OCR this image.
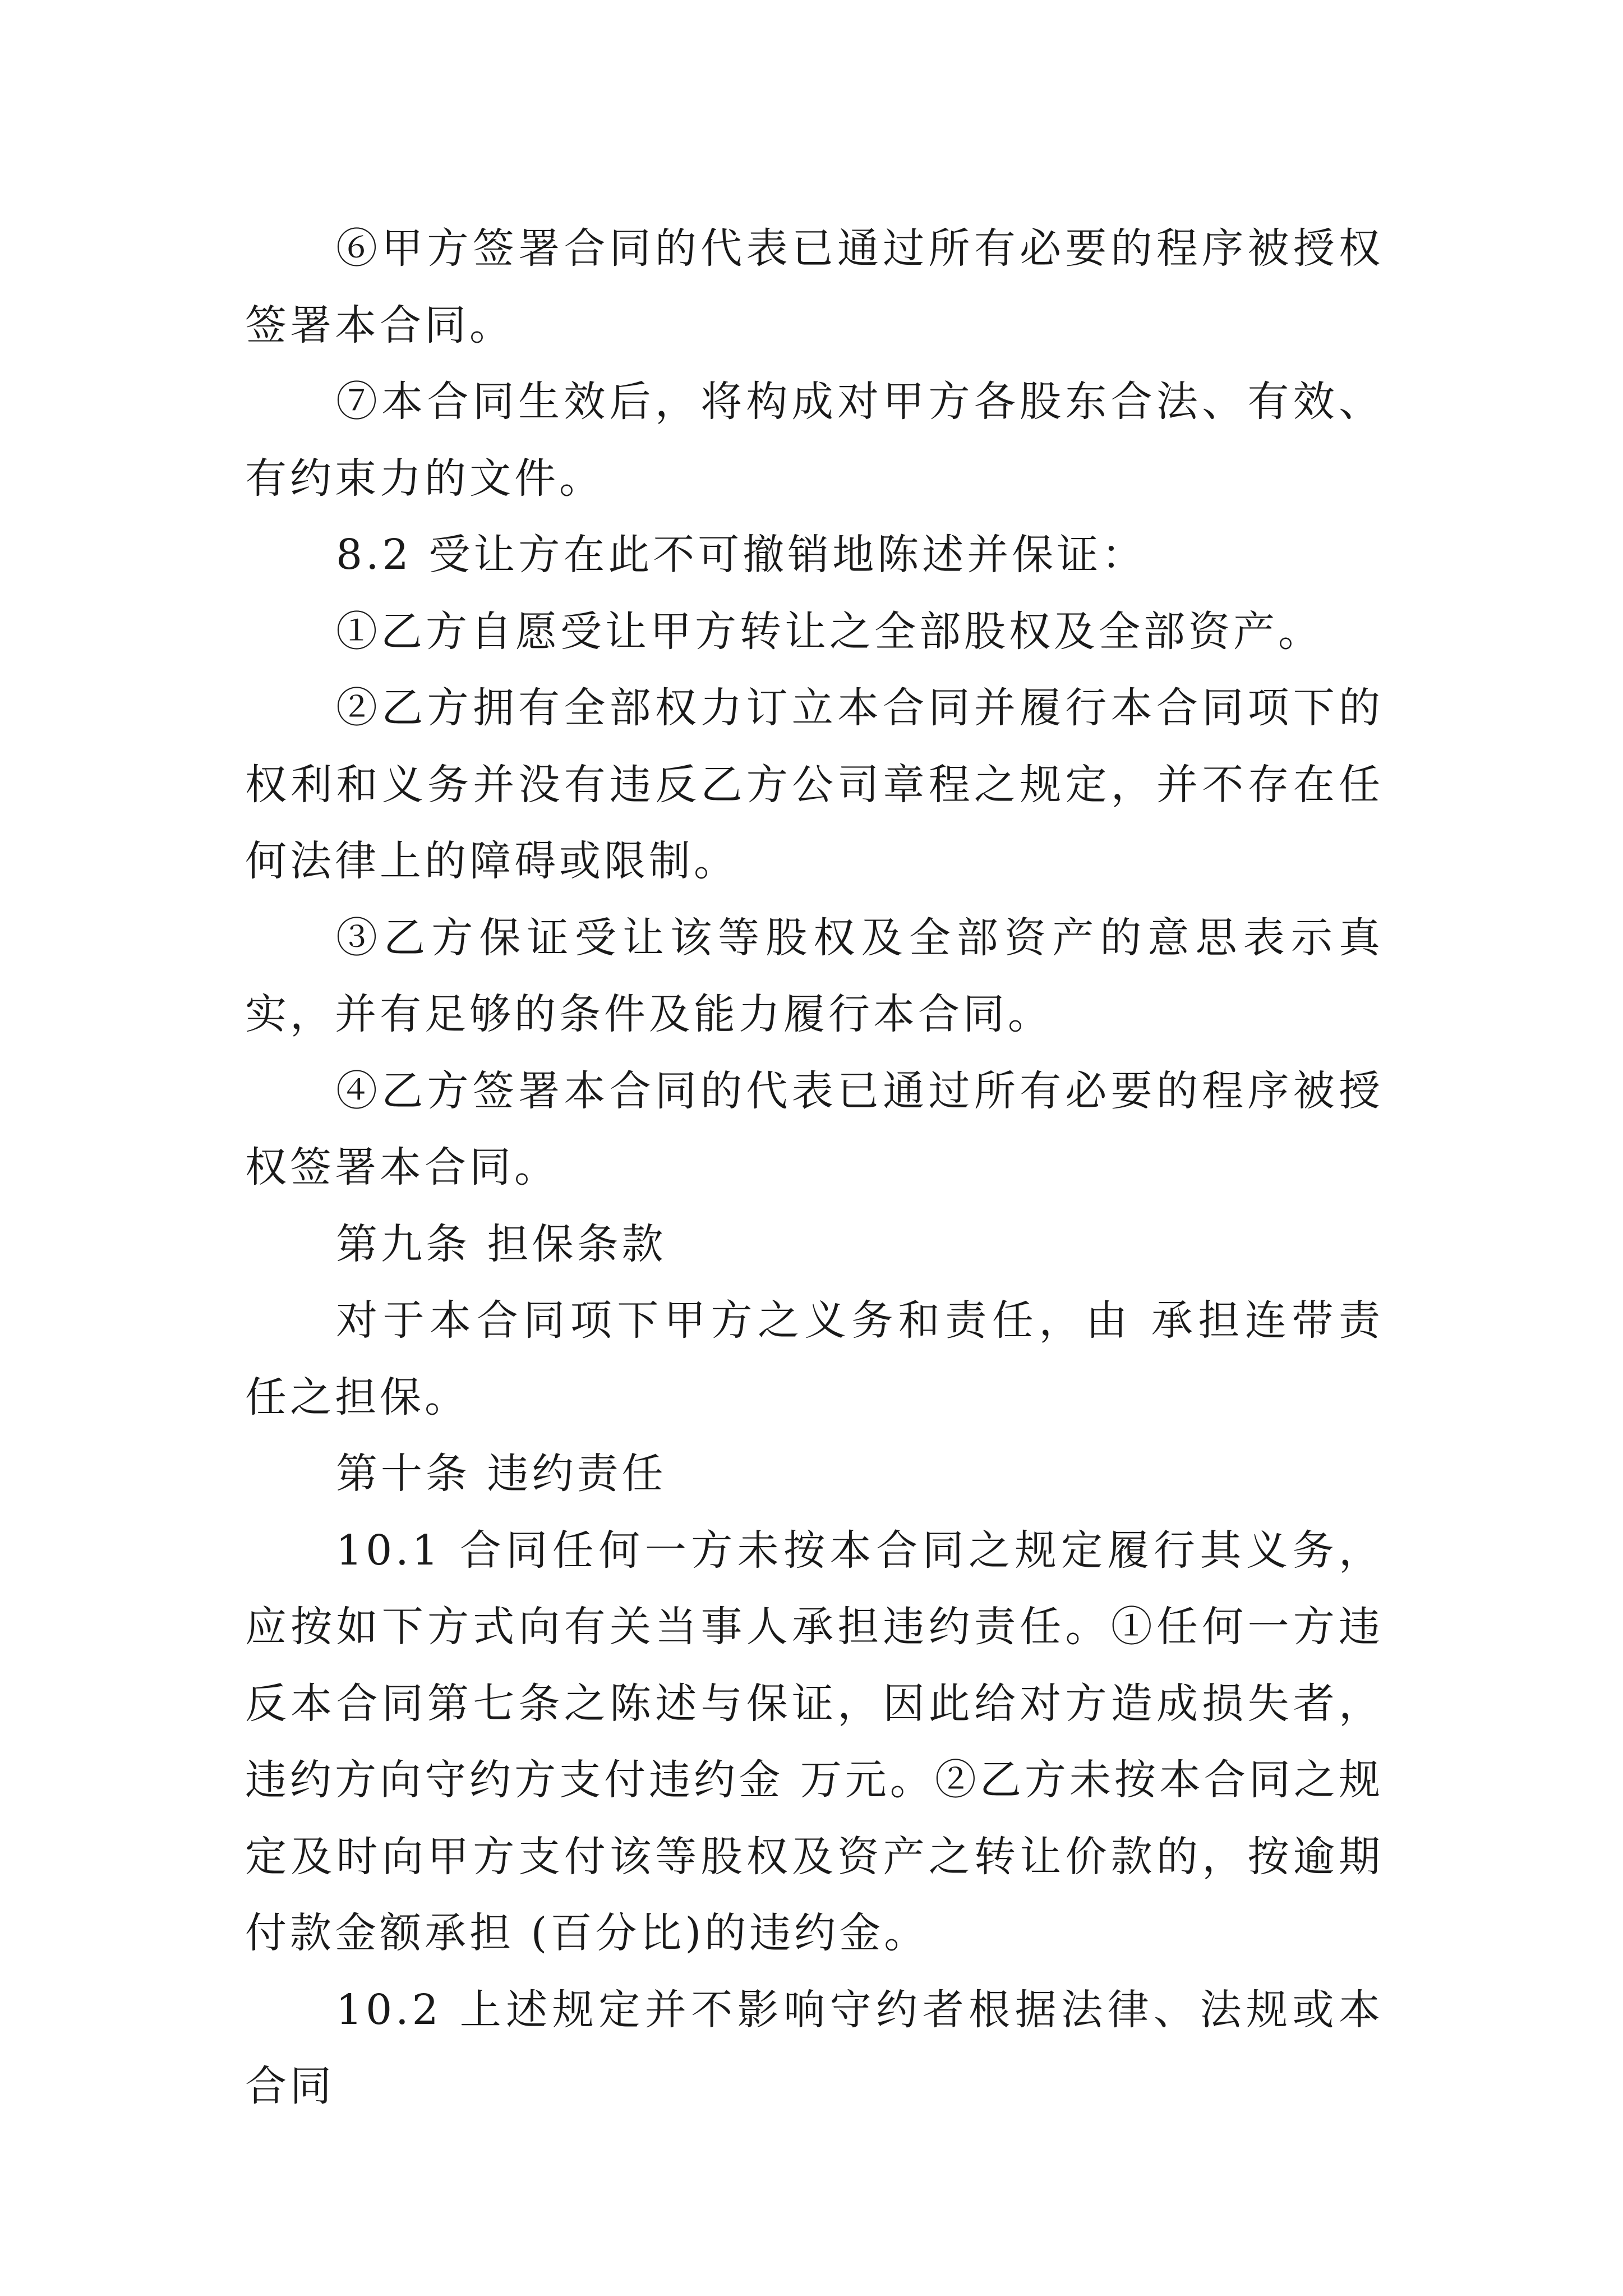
⑥甲方签署合同的代表已通过所有必要的程序被授权签署本合同。

⑦本合同生效后，将构成对甲方各股东合法、有效、有约束力的文件。

8.2 受让方在此不可撤销地陈述并保证：

①乙方自愿受让甲方转让之全部股权及全部资产。

②乙方拥有全部权力订立本合同并履行本合同项下的权利和义务并没有违反乙方公司章程之规定，并不存在任何法律上的障碍或限制。

③乙方保证受让该等股权及全部资产的意思表示真实，并有足够的条件及能力履行本合同。

④乙方签署本合同的代表已通过所有必要的程序被授权签署本合同。

第九条 担保条款

对于本合同项下甲方之义务和责任，由 承担连带责任之担保。

第十条 违约责任

10.1 合同任何一方未按本合同之规定履行其义务，应按如下方式向有关当事人承担违约责任。①任何一方违反本合同第七条之陈述与保证，因此给对方造成损失者，违约方向守约方支付违约金 万元。②乙方未按本合同之规定及时向甲方支付该等股权及资产之转让价款的，按逾期付款金额承担 (百分比)的违约金。

10.2 上述规定并不影响守约者根据法律、法规或本合同
